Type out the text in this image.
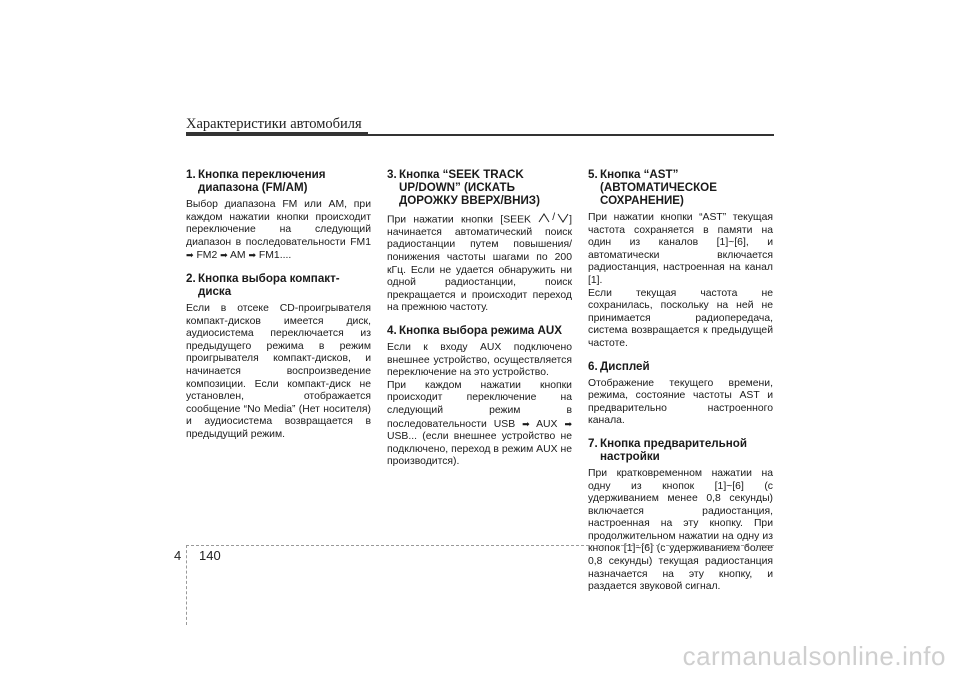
Характеристики автомобиля
1. Кнопка переключения
диапазона (FM/AM)
Выбор диапазона FM или AM, при каждом нажатии кнопки происходит переключение на следующий диапазон в последовательности FM1 ➡ FM2 ➡ AM ➡ FM1....
2. Кнопка выбора компакт-
диска
Если в отсеке CD-проигрывателя компакт-дисков имеется диск, аудиосистема переключается из предыдущего режима в режим проигрывателя компакт-дисков, и начинается воспроизведение композиции. Если компакт-диск не установлен, отображается сообщение “No Media” (Нет носителя) и аудиосистема возвращается в предыдущий режим.
3. Кнопка “SEEK TRACK
UP/DOWN” (ИСКАТЬ
ДОРОЖКУ ВВЕРХ/ВНИЗ)
При нажатии кнопки [SEEK / ] начинается автоматический поиск радиостанции путем повышения/понижения частоты шагами по 200 кГц. Если не удается обнаружить ни одной радиостанции, поиск прекращается и происходит переход на прежнюю частоту.
4. Кнопка выбора режима AUX
Если к входу AUX подключено внешнее устройство, осуществляется переключение на это устройство.
При каждом нажатии кнопки происходит переключение на следующий режим в последовательности USB ➡ AUX ➡ USB... (если внешнее устройство не подключено, переход в режим AUX не производится).
5. Кнопка “AST”
(АВТОМАТИЧЕСКОЕ
СОХРАНЕНИЕ)
При нажатии кнопки “AST” текущая частота сохраняется в памяти на один из каналов [1]~[6], и автоматически включается радиостанция, настроенная на канал [1].
Если текущая частота не сохранилась, поскольку на ней не принимается радиопередача, система возвращается к предыдущей частоте.
6. Дисплей
Отображение текущего времени, режима, состояние частоты AST и предварительно настроенного канала.
7. Кнопка предварительной
настройки
При кратковременном нажатии на одну из кнопок [1]~[6] (с удерживанием менее 0,8 секунды) включается радиостанция, настроенная на эту кнопку. При продолжительном нажатии на одну из кнопок [1]~[6] (с удерживанием более 0,8 секунды) текущая радиостанция назначается на эту кнопку, и раздается звуковой сигнал.
4 140
carmanualsonline.info
